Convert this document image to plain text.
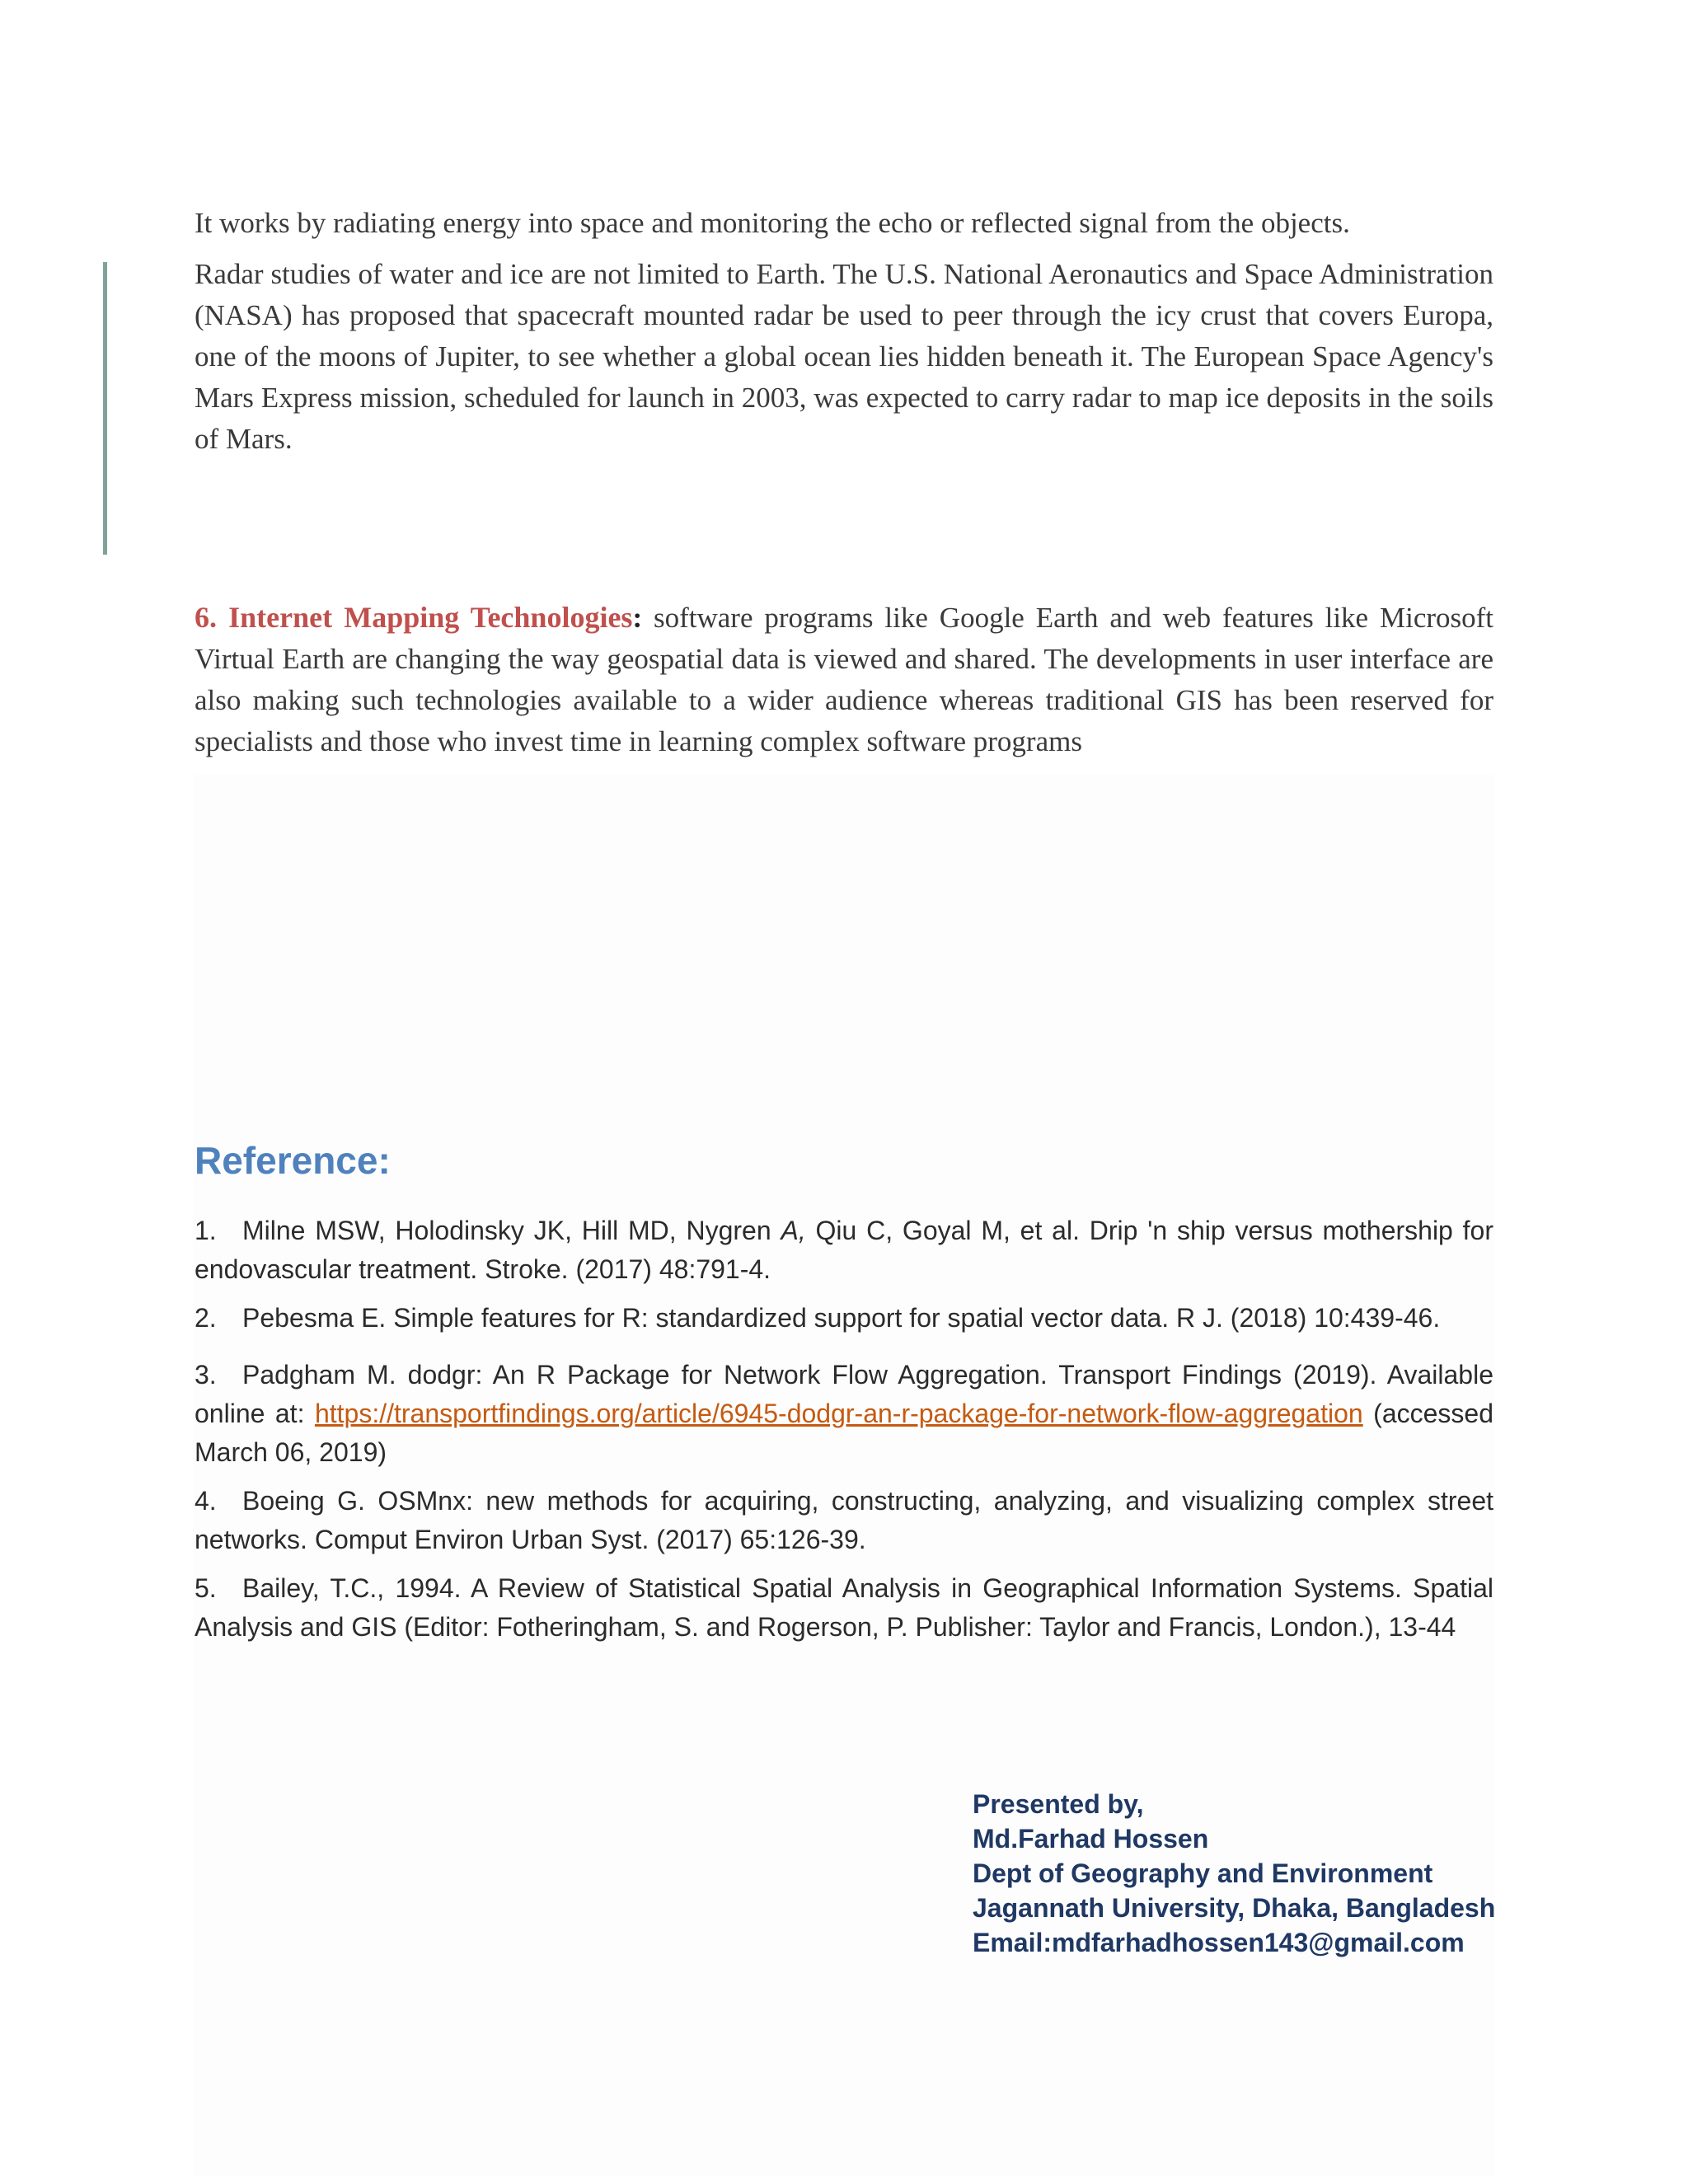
It works by radiating energy into space and monitoring the echo or reflected signal from the objects.

Radar studies of water and ice are not limited to Earth. The U.S. National Aeronautics and Space Administration (NASA) has proposed that spacecraft mounted radar be used to peer through the icy crust that covers Europa, one of the moons of Jupiter, to see whether a global ocean lies hidden beneath it. The European Space Agency's Mars Express mission, scheduled for launch in 2003, was expected to carry radar to map ice deposits in the soils of Mars.

6. Internet Mapping Technologies: software programs like Google Earth and web features like Microsoft Virtual Earth are changing the way geospatial data is viewed and shared. The developments in user interface are also making such technologies available to a wider audience whereas traditional GIS has been reserved for specialists and those who invest time in learning complex software programs

Reference:
1. Milne MSW, Holodinsky JK, Hill MD, Nygren A, Qiu C, Goyal M, et al. Drip 'n ship versus mothership for endovascular treatment. Stroke. (2017) 48:791-4.
2. Pebesma E. Simple features for R: standardized support for spatial vector data. R J. (2018) 10:439-46.
3. Padgham M. dodgr: An R Package for Network Flow Aggregation. Transport Findings (2019). Available online at: https://transportfindings.org/article/6945-dodgr-an-r-package-for-network-flow-aggregation (accessed March 06, 2019)
4. Boeing G. OSMnx: new methods for acquiring, constructing, analyzing, and visualizing complex street networks. Comput Environ Urban Syst. (2017) 65:126-39.
5. Bailey, T.C., 1994. A Review of Statistical Spatial Analysis in Geographical Information Systems. Spatial Analysis and GIS (Editor: Fotheringham, S. and Rogerson, P. Publisher: Taylor and Francis, London.), 13-44
Presented by,
Md.Farhad Hossen
Dept of Geography and Environment
Jagannath University, Dhaka, Bangladesh
Email:mdfarhadhossen143@gmail.com
